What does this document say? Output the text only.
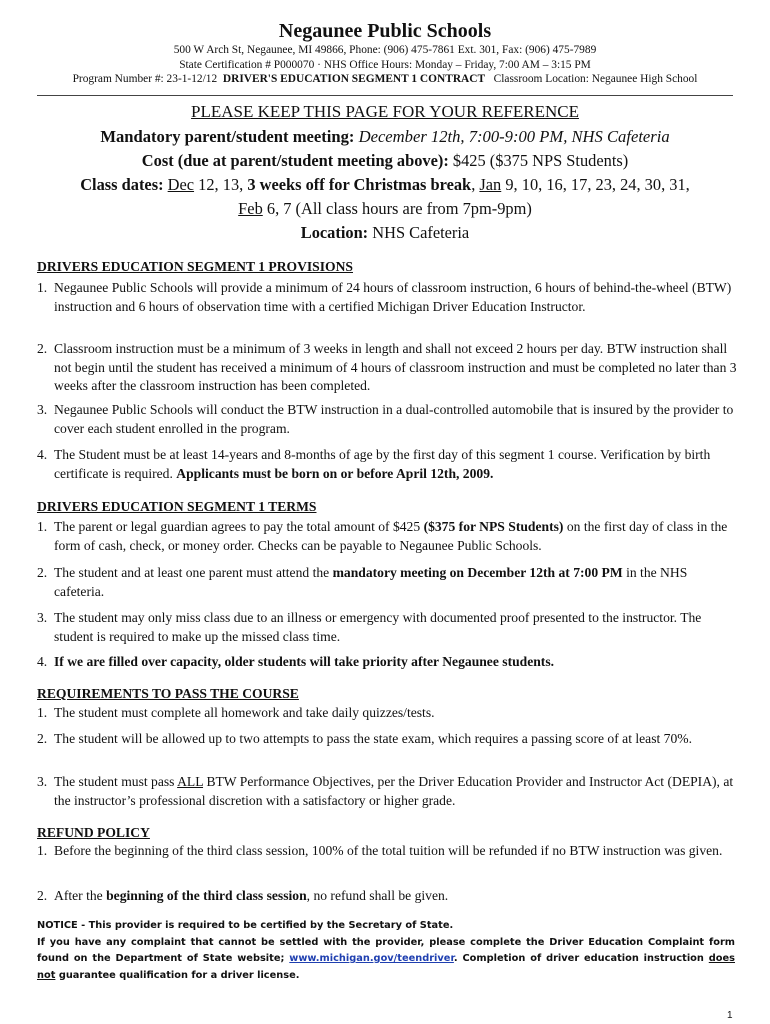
Negaunee Public Schools
500 W Arch St, Negaunee, MI 49866, Phone: (906) 475-7861 Ext. 301, Fax: (906) 475-7989
State Certification # P000070 · NHS Office Hours: Monday – Friday, 7:00 AM – 3:15 PM
Program Number #: 23-1-12/12 DRIVER'S EDUCATION SEGMENT 1 CONTRACT Classroom Location: Negaunee High School
PLEASE KEEP THIS PAGE FOR YOUR REFERENCE
Mandatory parent/student meeting: December 12th, 7:00-9:00 PM, NHS Cafeteria
Cost (due at parent/student meeting above): $425 ($375 NPS Students)
Class dates: Dec 12, 13, 3 weeks off for Christmas break, Jan 9, 10, 16, 17, 23, 24, 30, 31,
Feb 6, 7 (All class hours are from 7pm-9pm)
Location: NHS Cafeteria
DRIVERS EDUCATION SEGMENT 1 PROVISIONS
1. Negaunee Public Schools will provide a minimum of 24 hours of classroom instruction, 6 hours of behind-the-wheel (BTW) instruction and 6 hours of observation time with a certified Michigan Driver Education Instructor.
2. Classroom instruction must be a minimum of 3 weeks in length and shall not exceed 2 hours per day. BTW instruction shall not begin until the student has received a minimum of 4 hours of classroom instruction and must be completed no later than 3 weeks after the classroom instruction has been completed.
3. Negaunee Public Schools will conduct the BTW instruction in a dual-controlled automobile that is insured by the provider to cover each student enrolled in the program.
4. The Student must be at least 14-years and 8-months of age by the first day of this segment 1 course. Verification by birth certificate is required. Applicants must be born on or before April 12th, 2009.
DRIVERS EDUCATION SEGMENT 1 TERMS
1. The parent or legal guardian agrees to pay the total amount of $425 ($375 for NPS Students) on the first day of class in the form of cash, check, or money order. Checks can be payable to Negaunee Public Schools.
2. The student and at least one parent must attend the mandatory meeting on December 12th at 7:00 PM in the NHS cafeteria.
3. The student may only miss class due to an illness or emergency with documented proof presented to the instructor. The student is required to make up the missed class time.
4. If we are filled over capacity, older students will take priority after Negaunee students.
REQUIREMENTS TO PASS THE COURSE
1. The student must complete all homework and take daily quizzes/tests.
2. The student will be allowed up to two attempts to pass the state exam, which requires a passing score of at least 70%.
3. The student must pass ALL BTW Performance Objectives, per the Driver Education Provider and Instructor Act (DEPIA), at the instructor’s professional discretion with a satisfactory or higher grade.
REFUND POLICY
1. Before the beginning of the third class session, 100% of the total tuition will be refunded if no BTW instruction was given.
2. After the beginning of the third class session, no refund shall be given.
NOTICE - This provider is required to be certified by the Secretary of State.
If you have any complaint that cannot be settled with the provider, please complete the Driver Education Complaint form found on the Department of State website; www.michigan.gov/teendriver. Completion of driver education instruction does not guarantee qualification for a driver license.
1
